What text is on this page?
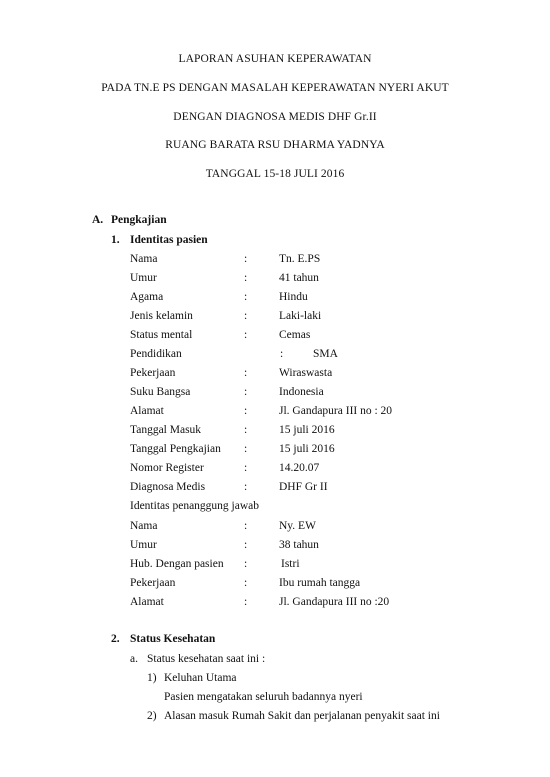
LAPORAN ASUHAN KEPERAWATAN
PADA TN.E PS DENGAN MASALAH KEPERAWATAN NYERI AKUT
DENGAN DIAGNOSA MEDIS DHF Gr.II
RUANG BARATA RSU DHARMA YADNYA
TANGGAL 15-18 JULI 2016
A. Pengkajian
1. Identitas pasien
Nama	:	Tn. E.PS
Umur	:	41 tahun
Agama	:	Hindu
Jenis kelamin	:	Laki-laki
Status mental	:	Cemas
Pendidikan	:	SMA
Pekerjaan	:	Wiraswasta
Suku Bangsa	:	Indonesia
Alamat	:	Jl. Gandapura III no : 20
Tanggal Masuk	:	15 juli 2016
Tanggal Pengkajian :	15 juli 2016
Nomor Register	:	14.20.07
Diagnosa Medis	:	DHF Gr II
Identitas penanggung jawab
Nama	:	Ny. EW
Umur	:	38 tahun
Hub. Dengan pasien :	Istri
Pekerjaan	:	Ibu rumah tangga
Alamat	:	Jl. Gandapura III no :20
2. Status Kesehatan
a. Status kesehatan saat ini :
1) Keluhan Utama
Pasien mengatakan seluruh badannya nyeri
2) Alasan masuk Rumah Sakit dan perjalanan penyakit saat ini
